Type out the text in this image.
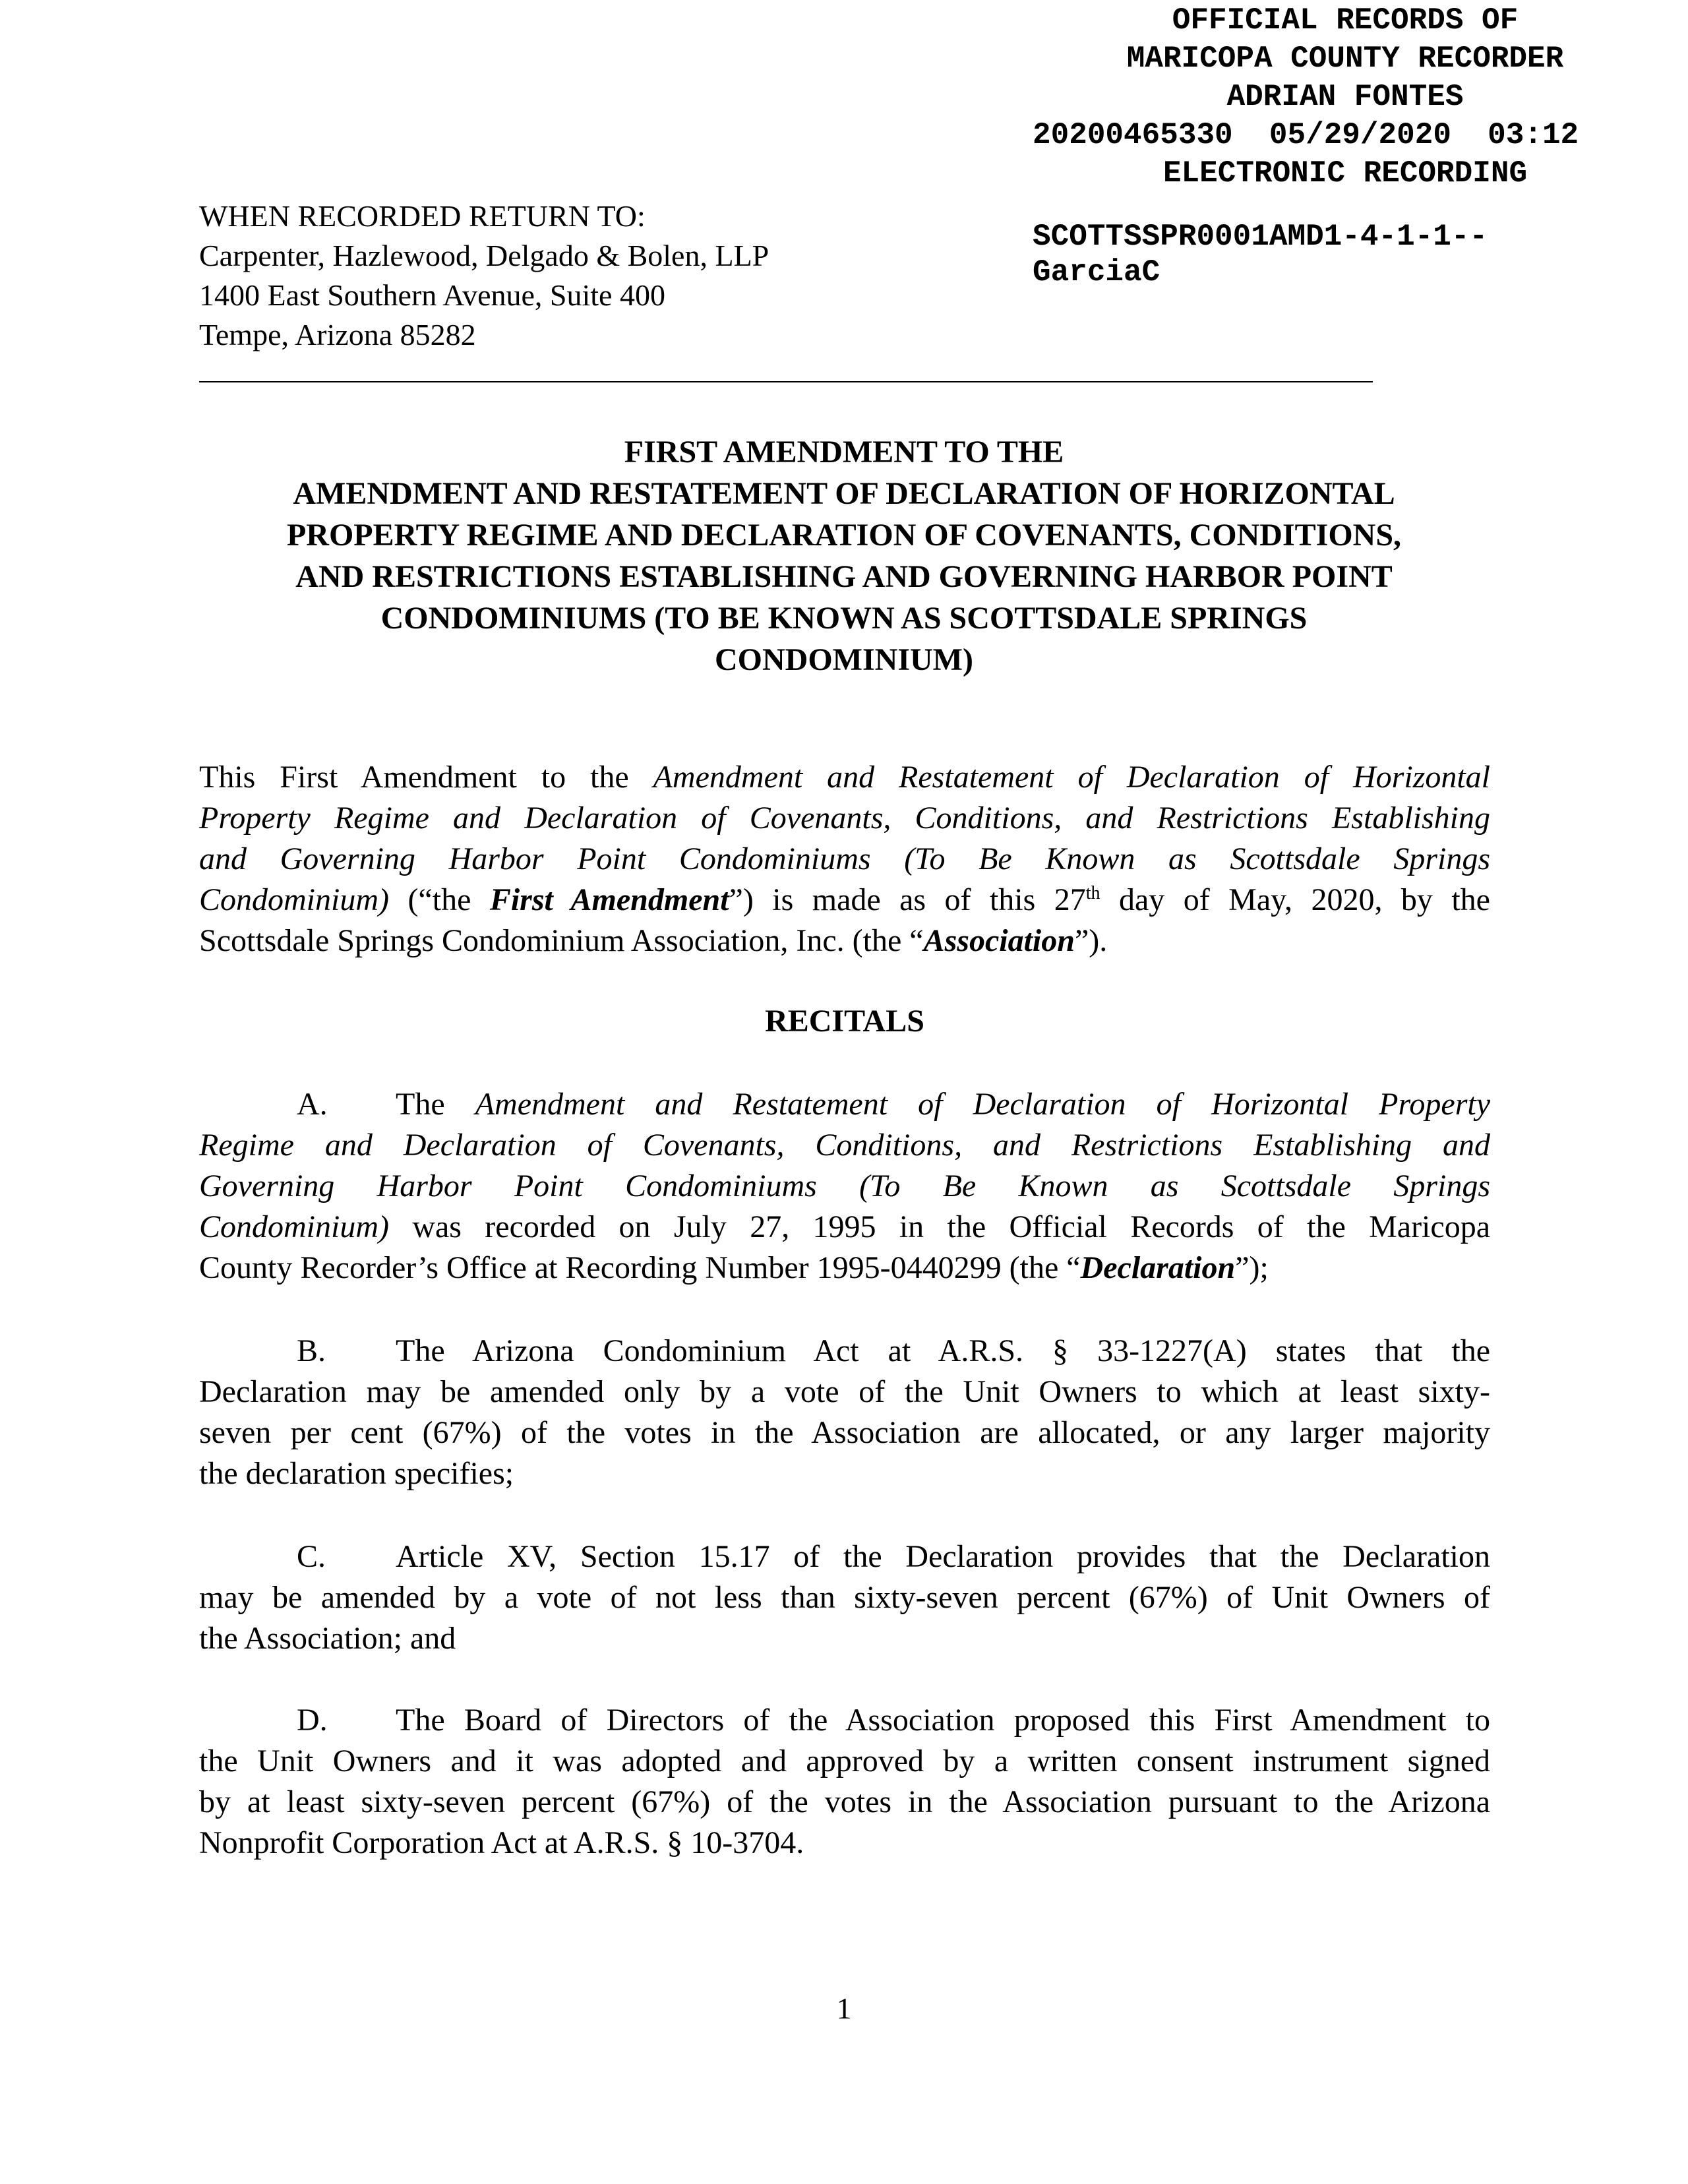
OFFICIAL RECORDS OF
MARICOPA COUNTY RECORDER
ADRIAN FONTES
20200465330 05/29/2020 03:12
ELECTRONIC RECORDING
SCOTTSSPR0001AMD1-4-1-1--
GarciaC
WHEN RECORDED RETURN TO:
Carpenter, Hazlewood, Delgado & Bolen, LLP
1400 East Southern Avenue, Suite 400
Tempe, Arizona 85282
FIRST AMENDMENT TO THE
AMENDMENT AND RESTATEMENT OF DECLARATION OF HORIZONTAL
PROPERTY REGIME AND DECLARATION OF COVENANTS, CONDITIONS,
AND RESTRICTIONS ESTABLISHING AND GOVERNING HARBOR POINT
CONDOMINIUMS (TO BE KNOWN AS SCOTTSDALE SPRINGS
CONDOMINIUM)
This First Amendment to the Amendment and Restatement of Declaration of Horizontal
Property Regime and Declaration of Covenants, Conditions, and Restrictions Establishing
and Governing Harbor Point Condominiums (To Be Known as Scottsdale Springs
Condominium) (“the First Amendment”) is made as of this 27th day of May, 2020, by the
Scottsdale Springs Condominium Association, Inc. (the “Association”).
RECITALS
A. The Amendment and Restatement of Declaration of Horizontal Property
Regime and Declaration of Covenants, Conditions, and Restrictions Establishing and
Governing Harbor Point Condominiums (To Be Known as Scottsdale Springs
Condominium) was recorded on July 27, 1995 in the Official Records of the Maricopa
County Recorder’s Office at Recording Number 1995-0440299 (the “Declaration”);
B. The Arizona Condominium Act at A.R.S. § 33-1227(A) states that the
Declaration may be amended only by a vote of the Unit Owners to which at least sixty-
seven per cent (67%) of the votes in the Association are allocated, or any larger majority
the declaration specifies;
C. Article XV, Section 15.17 of the Declaration provides that the Declaration
may be amended by a vote of not less than sixty-seven percent (67%) of Unit Owners of
the Association; and
D. The Board of Directors of the Association proposed this First Amendment to
the Unit Owners and it was adopted and approved by a written consent instrument signed
by at least sixty-seven percent (67%) of the votes in the Association pursuant to the Arizona
Nonprofit Corporation Act at A.R.S. § 10-3704.
1
